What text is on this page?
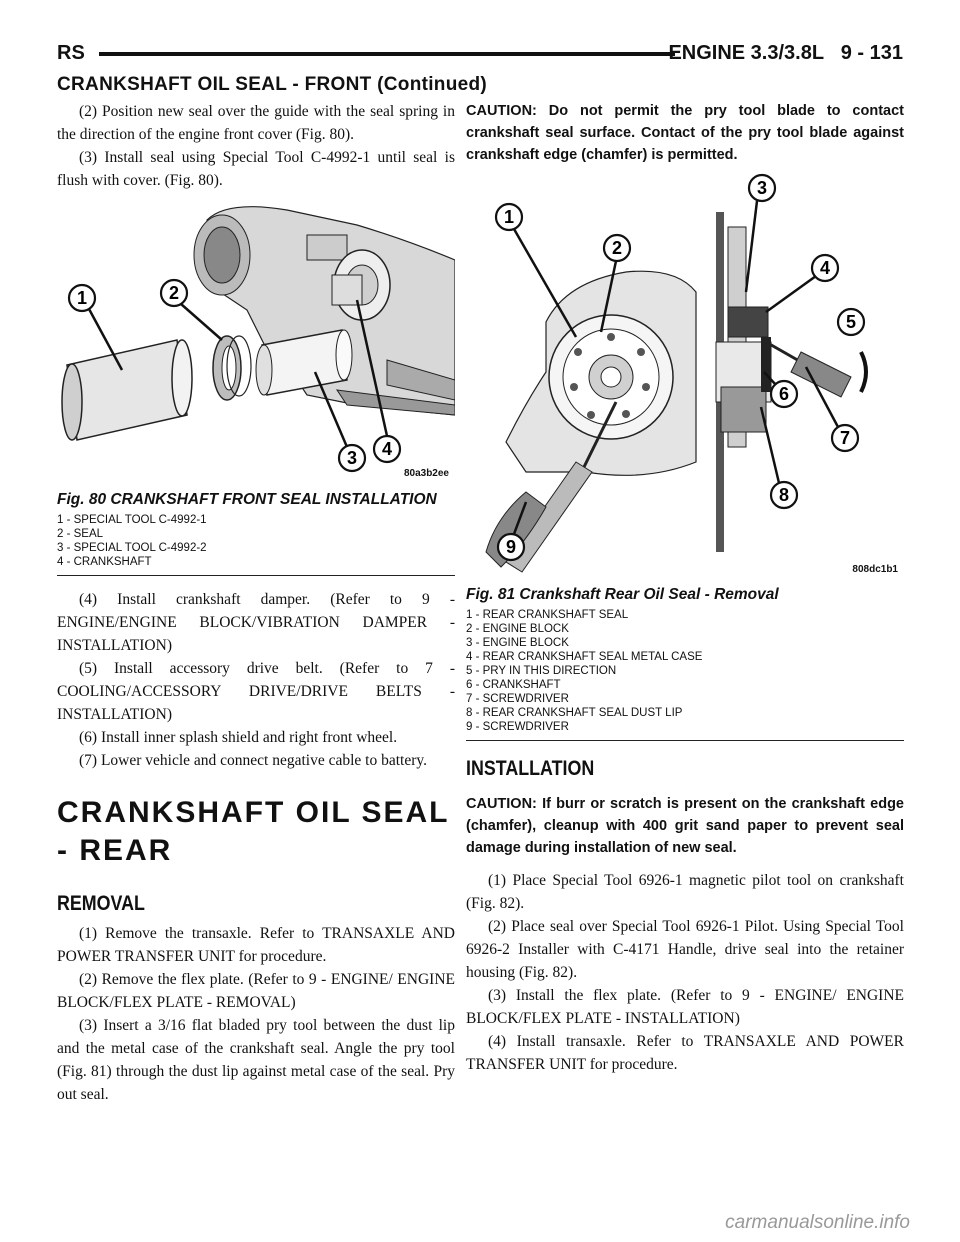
RS	ENGINE 3.3/3.8L 9 - 131
CRANKSHAFT OIL SEAL - FRONT (Continued)

(2) Position new seal over the guide with the seal spring in the direction of the engine front cover (Fig. 80).

(3) Install seal using Special Tool C-4992-1 until seal is flush with cover. (Fig. 80).

1	2
3 4
80a3b2ee
Fig. 80 CRANKSHAFT FRONT SEAL INSTALLATION
1 - SPECIAL TOOL C-4992-1
2 - SEAL
3 - SPECIAL TOOL C-4992-2
4 - CRANKSHAFT

(4) Install crankshaft damper. (Refer to 9 - ENGINE/ENGINE BLOCK/VIBRATION DAMPER - INSTALLATION)

(5) Install accessory drive belt. (Refer to 7 - COOLING/ACCESSORY DRIVE/DRIVE BELTS - INSTALLATION)

(6) Install inner splash shield and right front wheel.

(7) Lower vehicle and connect negative cable to battery.

CRANKSHAFT OIL SEAL - REAR
REMOVAL

(1) Remove the transaxle. Refer to TRANSAXLE AND POWER TRANSFER UNIT for procedure.

(2) Remove the flex plate. (Refer to 9 - ENGINE/ ENGINE BLOCK/FLEX PLATE - REMOVAL)

(3) Insert a 3/16 flat bladed pry tool between the dust lip and the metal case of the crankshaft seal. Angle the pry tool (Fig. 81) through the dust lip against metal case of the seal. Pry out seal.

CAUTION: Do not permit the pry tool blade to contact crankshaft seal surface. Contact of the pry tool blade against crankshaft edge (chamfer) is permitted.
1
2
3
4
5
6
7
8
9
808dc1b1
Fig. 81 Crankshaft Rear Oil Seal - Removal
1 - REAR CRANKSHAFT SEAL
2 - ENGINE BLOCK
3 - ENGINE BLOCK
4 - REAR CRANKSHAFT SEAL METAL CASE
5 - PRY IN THIS DIRECTION
6 - CRANKSHAFT
7 - SCREWDRIVER
8 - REAR CRANKSHAFT SEAL DUST LIP
9 - SCREWDRIVER
INSTALLATION
CAUTION: If burr or scratch is present on the crankshaft edge (chamfer), cleanup with 400 grit sand paper to prevent seal damage during installation of new seal.

(1) Place Special Tool 6926-1 magnetic pilot tool on crankshaft (Fig. 82).

(2) Place seal over Special Tool 6926-1 Pilot. Using Special Tool 6926-2 Installer with C-4171 Handle, drive seal into the retainer housing (Fig. 82).

(3) Install the flex plate. (Refer to 9 - ENGINE/ ENGINE BLOCK/FLEX PLATE - INSTALLATION)

(4) Install transaxle. Refer to TRANSAXLE AND POWER TRANSFER UNIT for procedure.

carmanualsonline.info
